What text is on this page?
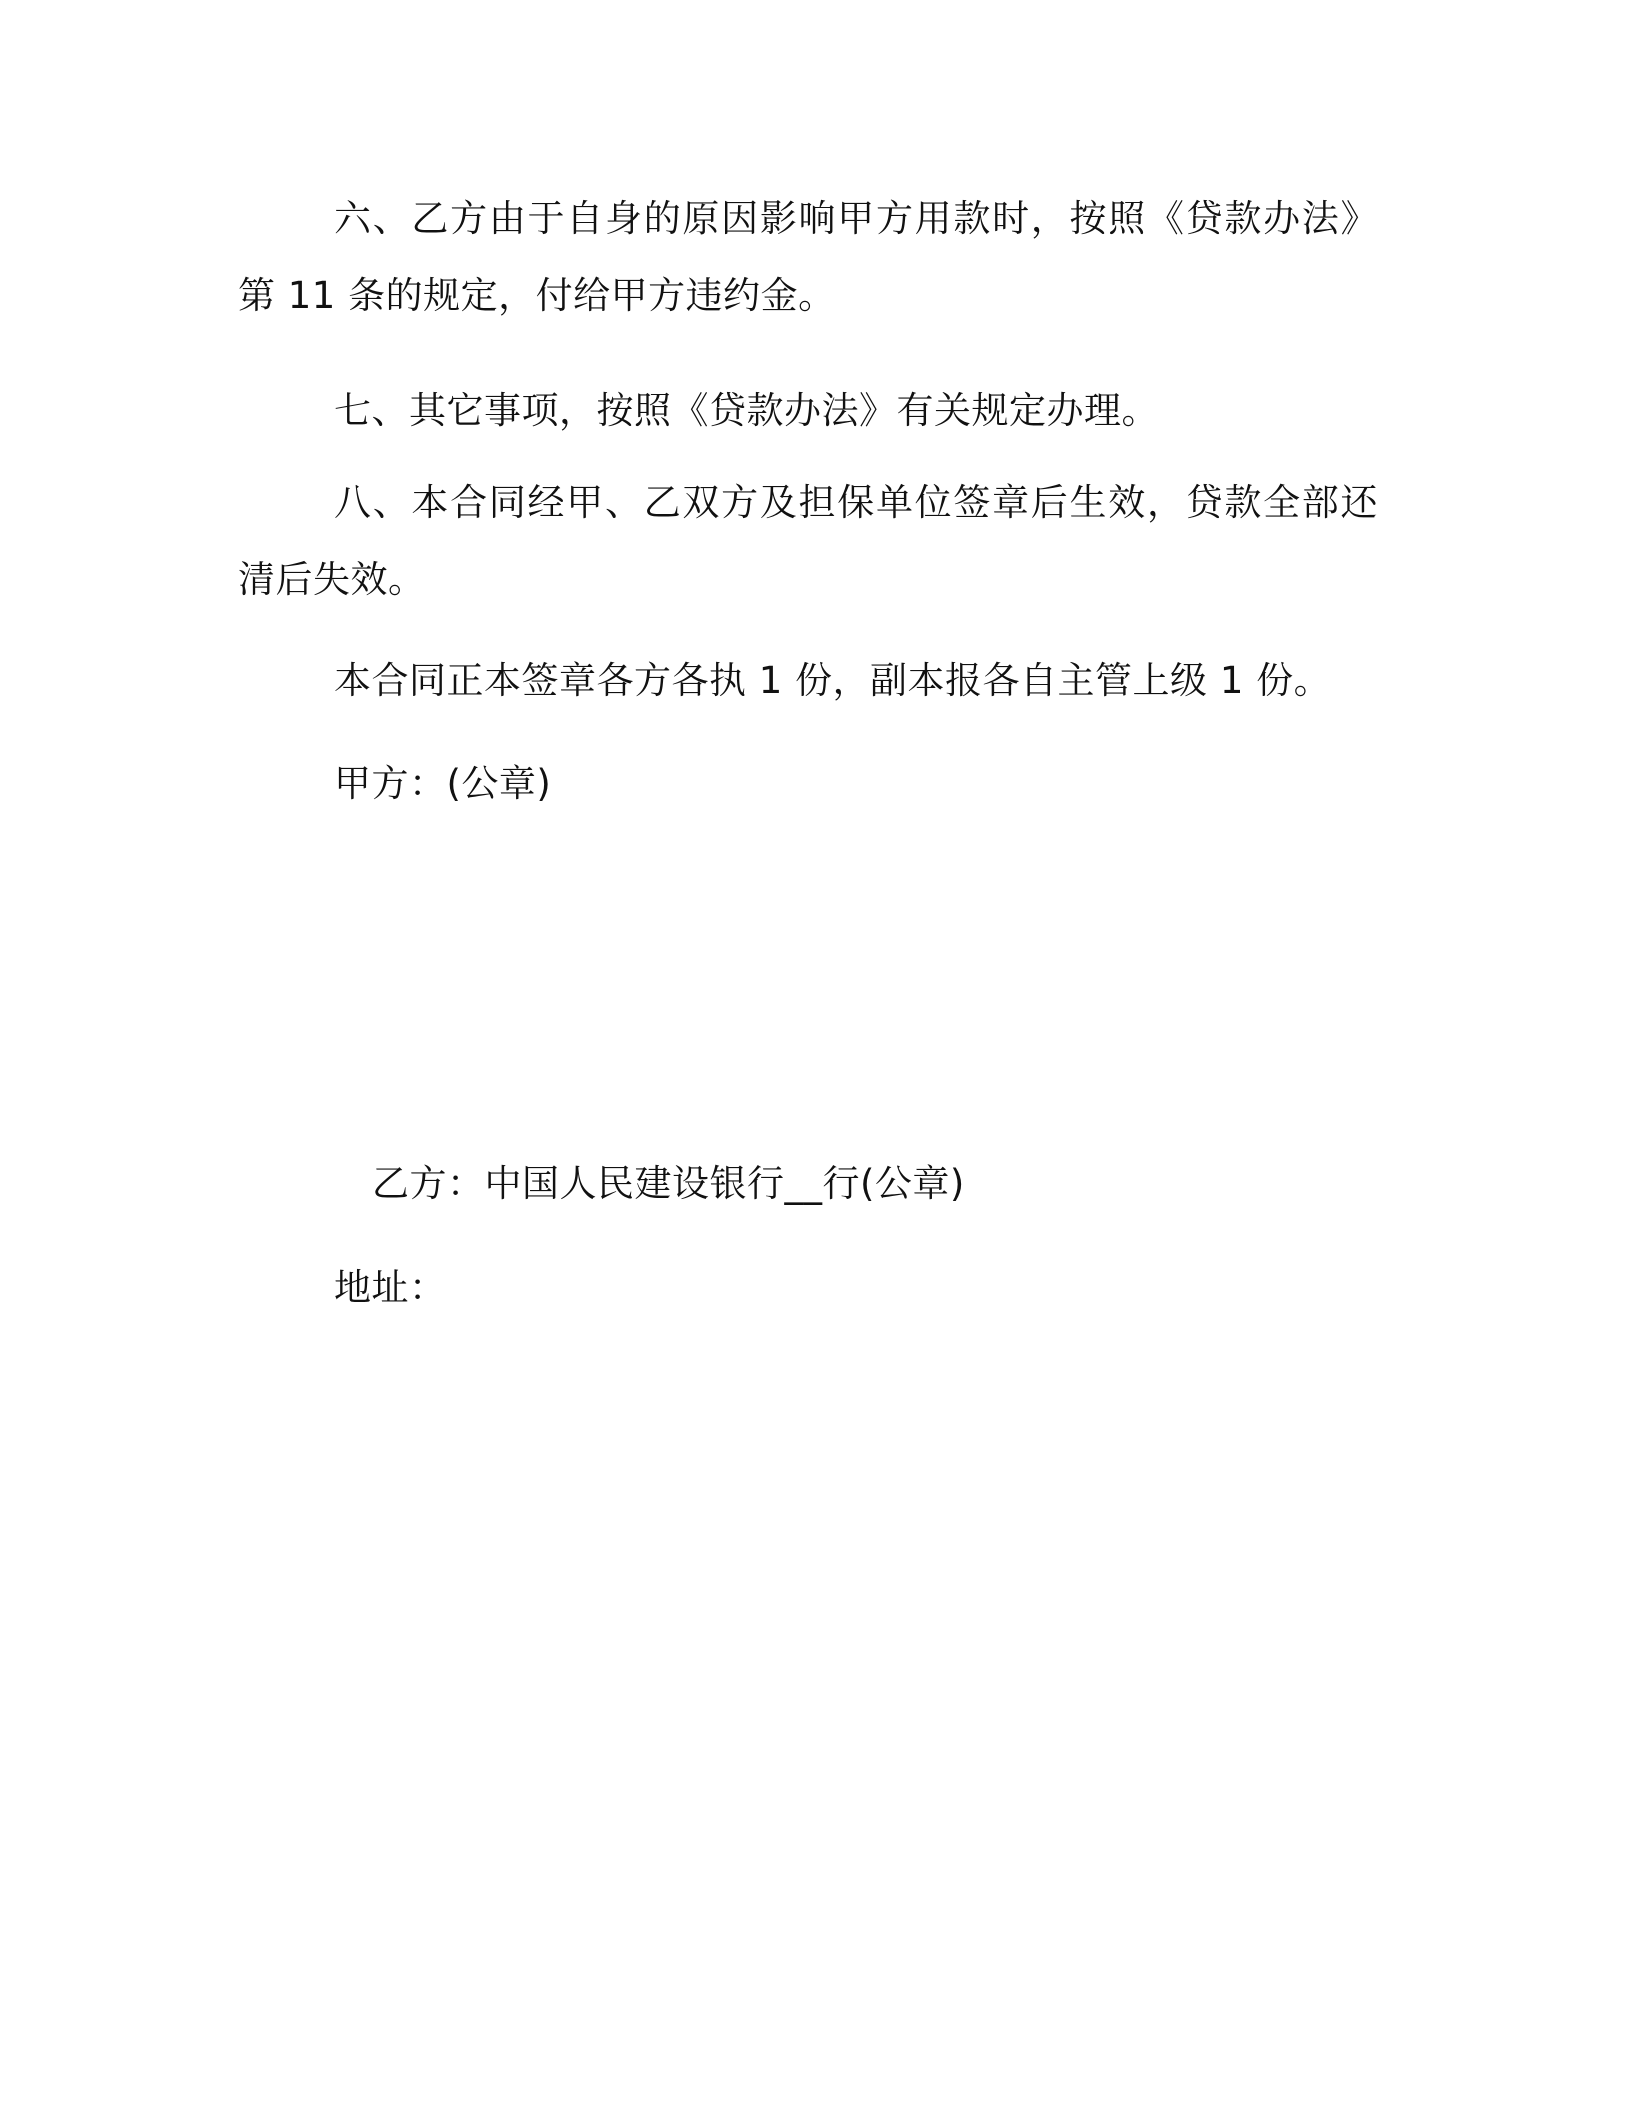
六、乙方由于自身的原因影响甲方用款时，按照《贷款办法》第 11 条的规定，付给甲方违约金。

七、其它事项，按照《贷款办法》有关规定办理。

八、本合同经甲、乙双方及担保单位签章后生效，贷款全部还清后失效。

本合同正本签章各方各执 1 份，副本报各自主管上级 1 份。

甲方：(公章)

乙方：中国人民建设银行__行(公章)

地址：
